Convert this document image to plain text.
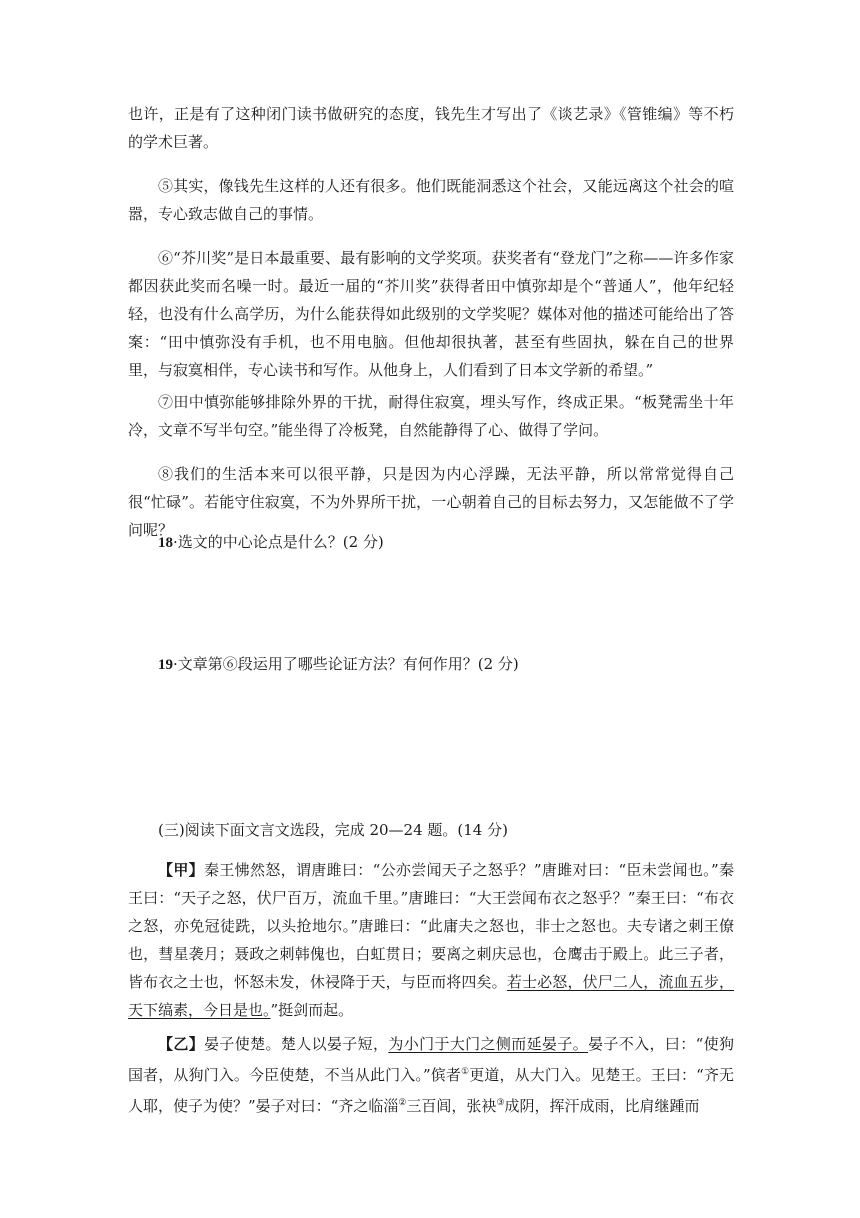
也许，正是有了这种闭门读书做研究的态度，钱先生才写出了《谈艺录》《管锥编》等不朽的学术巨著。

⑤其实，像钱先生这样的人还有很多。他们既能洞悉这个社会，又能远离这个社会的喧嚣，专心致志做自己的事情。

⑥“芥川奖”是日本最重要、最有影响的文学奖项。获奖者有“登龙门”之称——许多作家都因获此奖而名噪一时。最近一届的“芥川奖”获得者田中慎弥却是个“普通人”，他年纪轻轻，也没有什么高学历，为什么能获得如此级别的文学奖呢？媒体对他的描述可能给出了答案：“田中慎弥没有手机，也不用电脑。但他却很执著，甚至有些固执，躲在自己的世界里，与寂寞相伴，专心读书和写作。从他身上，人们看到了日本文学新的希望。”

⑦田中慎弥能够排除外界的干扰，耐得住寂寞，埋头写作，终成正果。“板凳需坐十年冷，文章不写半句空。”能坐得了冷板凳，自然能静得了心、做得了学问。

⑧我们的生活本来可以很平静，只是因为内心浮躁，无法平静，所以常常觉得自己很“忙碌”。若能守住寂寞，不为外界所干扰，一心朝着自己的目标去努力，又怎能做不了学问呢？

18·选文的中心论点是什么？(2 分)

19·文章第⑥段运用了哪些论证方法？有何作用？(2 分)

(三)阅读下面文言文选段，完成 20—24 题。(14 分)

【甲】秦王怫然怒，谓唐雎曰：“公亦尝闻天子之怒乎？”唐雎对曰：“臣未尝闻也。”秦王曰：“天子之怒，伏尸百万，流血千里。”唐雎曰：“大王尝闻布衣之怒乎？”秦王曰：“布衣之怒，亦免冠徒跣，以头抢地尔。”唐雎曰：“此庸夫之怒也，非士之怒也。夫专诸之刺王僚也，彗星袭月；聂政之刺韩傀也，白虹贯日；要离之刺庆忌也，仓鹰击于殿上。此三子者，皆布衣之士也，怀怒未发，休祲降于天，与臣而将四矣。若士必怒，伏尸二人，流血五步，天下缟素，今日是也。”挺剑而起。

【乙】晏子使楚。楚人以晏子短，为小门于大门之侧而延晏子。晏子不入，曰：“使狗国者，从狗门入。今臣使楚，不当从此门入。”傧者①更道，从大门入。见楚王。王曰：“齐无人耶，使子为使？”晏子对曰：“齐之临淄②三百闾，张袂③成阴，挥汗成雨，比肩继踵而
